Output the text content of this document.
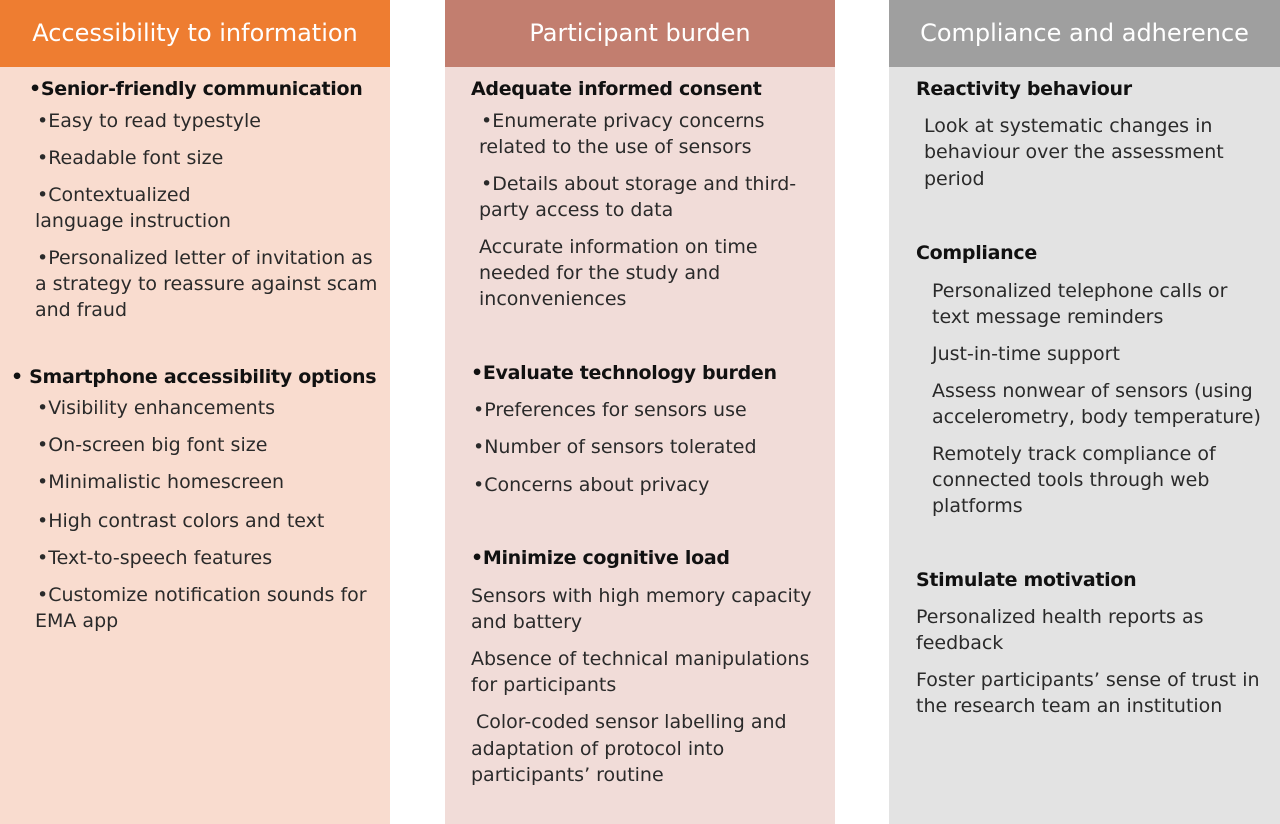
Accessibility to information

•Senior-friendly communication

•Easy to read typestyle

•Readable font size

•Contextualized

language instruction

•Personalized letter of invitation as

a strategy to reassure against scam

and fraud

• Smartphone accessibility options

•Visibility enhancements

•On-screen big font size

•Minimalistic homescreen

•High contrast colors and text

•Text-to-speech features

•Customize notification sounds for

EMA app

Participant burden

Adequate informed consent

•Enumerate privacy concerns

related to the use of sensors

•Details about storage and third-

party access to data

Accurate information on time

needed for the study and

inconveniences

•Evaluate technology burden

•Preferences for sensors use

•Number of sensors tolerated

•Concerns about privacy

•Minimize cognitive load

Sensors with high memory capacity

and battery

Absence of technical manipulations

for participants

Color-coded sensor labelling and

adaptation of protocol into

participants’ routine

Compliance and adherence

Reactivity behaviour

Look at systematic changes in

behaviour over the assessment

period

Compliance

Personalized telephone calls or

text message reminders

Just-in-time support

Assess nonwear of sensors (using

accelerometry, body temperature)

Remotely track compliance of

connected tools through web

platforms

Stimulate motivation

Personalized health reports as

feedback

Foster participants’ sense of trust in

the research team an institution
